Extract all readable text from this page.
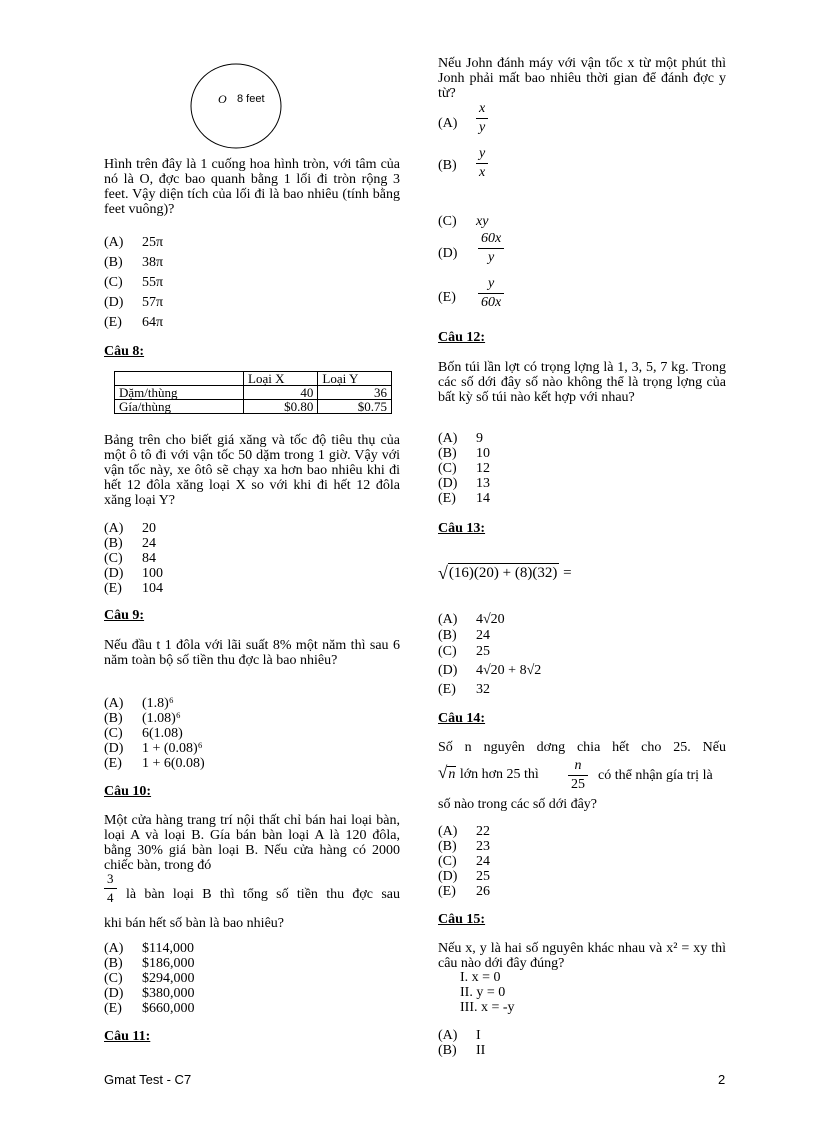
O 8 feet
Hình trên đây là 1 cuống hoa hình tròn, với tâm của nó là O, đợc bao quanh bằng 1 lối đi tròn rộng 3 feet. Vậy diện tích của lối đi là bao nhiêu (tính bằng feet vuông)?
(A) 25π
(B) 38π
(C) 55π
(D) 57π
(E) 64π
Câu 8:
	Loại X	Loại Y
Dặm/thùng	40	36
Gía/thùng	$0.80	$0.75
Bảng trên cho biết giá xăng và tốc độ tiêu thụ của một ô tô đi với vận tốc 50 dặm trong 1 giờ. Vậy với vận tốc này, xe ôtô sẽ chạy xa hơn bao nhiêu khi đi hết 12 đôla xăng loại X so với khi đi hết 12 đôla xăng loại Y?
(A) 20
(B) 24
(C) 84
(D) 100
(E) 104
Câu 9:
Nếu đầu t 1 đôla với lãi suất 8% một năm thì sau 6 năm toàn bộ số tiền thu đợc là bao nhiêu?
(A) (1.8)⁶
(B) (1.08)⁶
(C) 6(1.08)
(D) 1 + (0.08)⁶
(E) 1 + 6(0.08)
Câu 10:
Một cửa hàng trang trí nội thất chỉ bán hai loại bàn, loại A và loại B. Gía bán bàn loại A là 120 đôla, bằng 30% giá bàn loại B. Nếu cửa hàng có 2000 chiếc bàn, trong đó
$\frac{3}{4}$ là bàn loại B thì tổng số tiền thu đợc sau
khi bán hết số bàn là bao nhiêu?
(A) $114,000
(B) $186,000
(C) $294,000
(D) $380,000
(E) $660,000
Câu 11:
Nếu John đánh máy với vận tốc x từ một phút thì Jonh phải mất bao nhiêu thời gian để đánh đợc y từ?
(A)	$\frac{x}{y}$
(B)	$\frac{y}{x}$
(C) xy
(D)	$\frac{60x}{y}$
(E)	$\frac{y}{60x}$
Câu 12:
Bốn túi lần lợt có trọng lợng là 1, 3, 5, 7 kg. Trong các số dới đây số nào không thể là trọng lợng của bất kỳ số túi nào kết hợp với nhau?
(A) 9
(B) 10
(C) 12
(D) 13
(E) 14
Câu 13:
√(16)(20) + (8)(32) =
(A) 4√20
(B) 24
(C) 25
(D) 4√20 + 8√2
(E) 32
Câu 14:
Số n nguyên dơng chia hết cho 25. Nếu
√n lớn hơn 25 thì $\frac{n}{25}$ có thể nhận gía trị là
số nào trong các số dới đây?
(A) 22
(B) 23
(C) 24
(D) 25
(E) 26
Câu 15:
Nếu x, y là hai số nguyên khác nhau và x² = xy thì câu nào dới đây đúng?
I. x = 0
II. y = 0
III. x = -y
(A) I
(B) II
Gmat Test - C7	2
